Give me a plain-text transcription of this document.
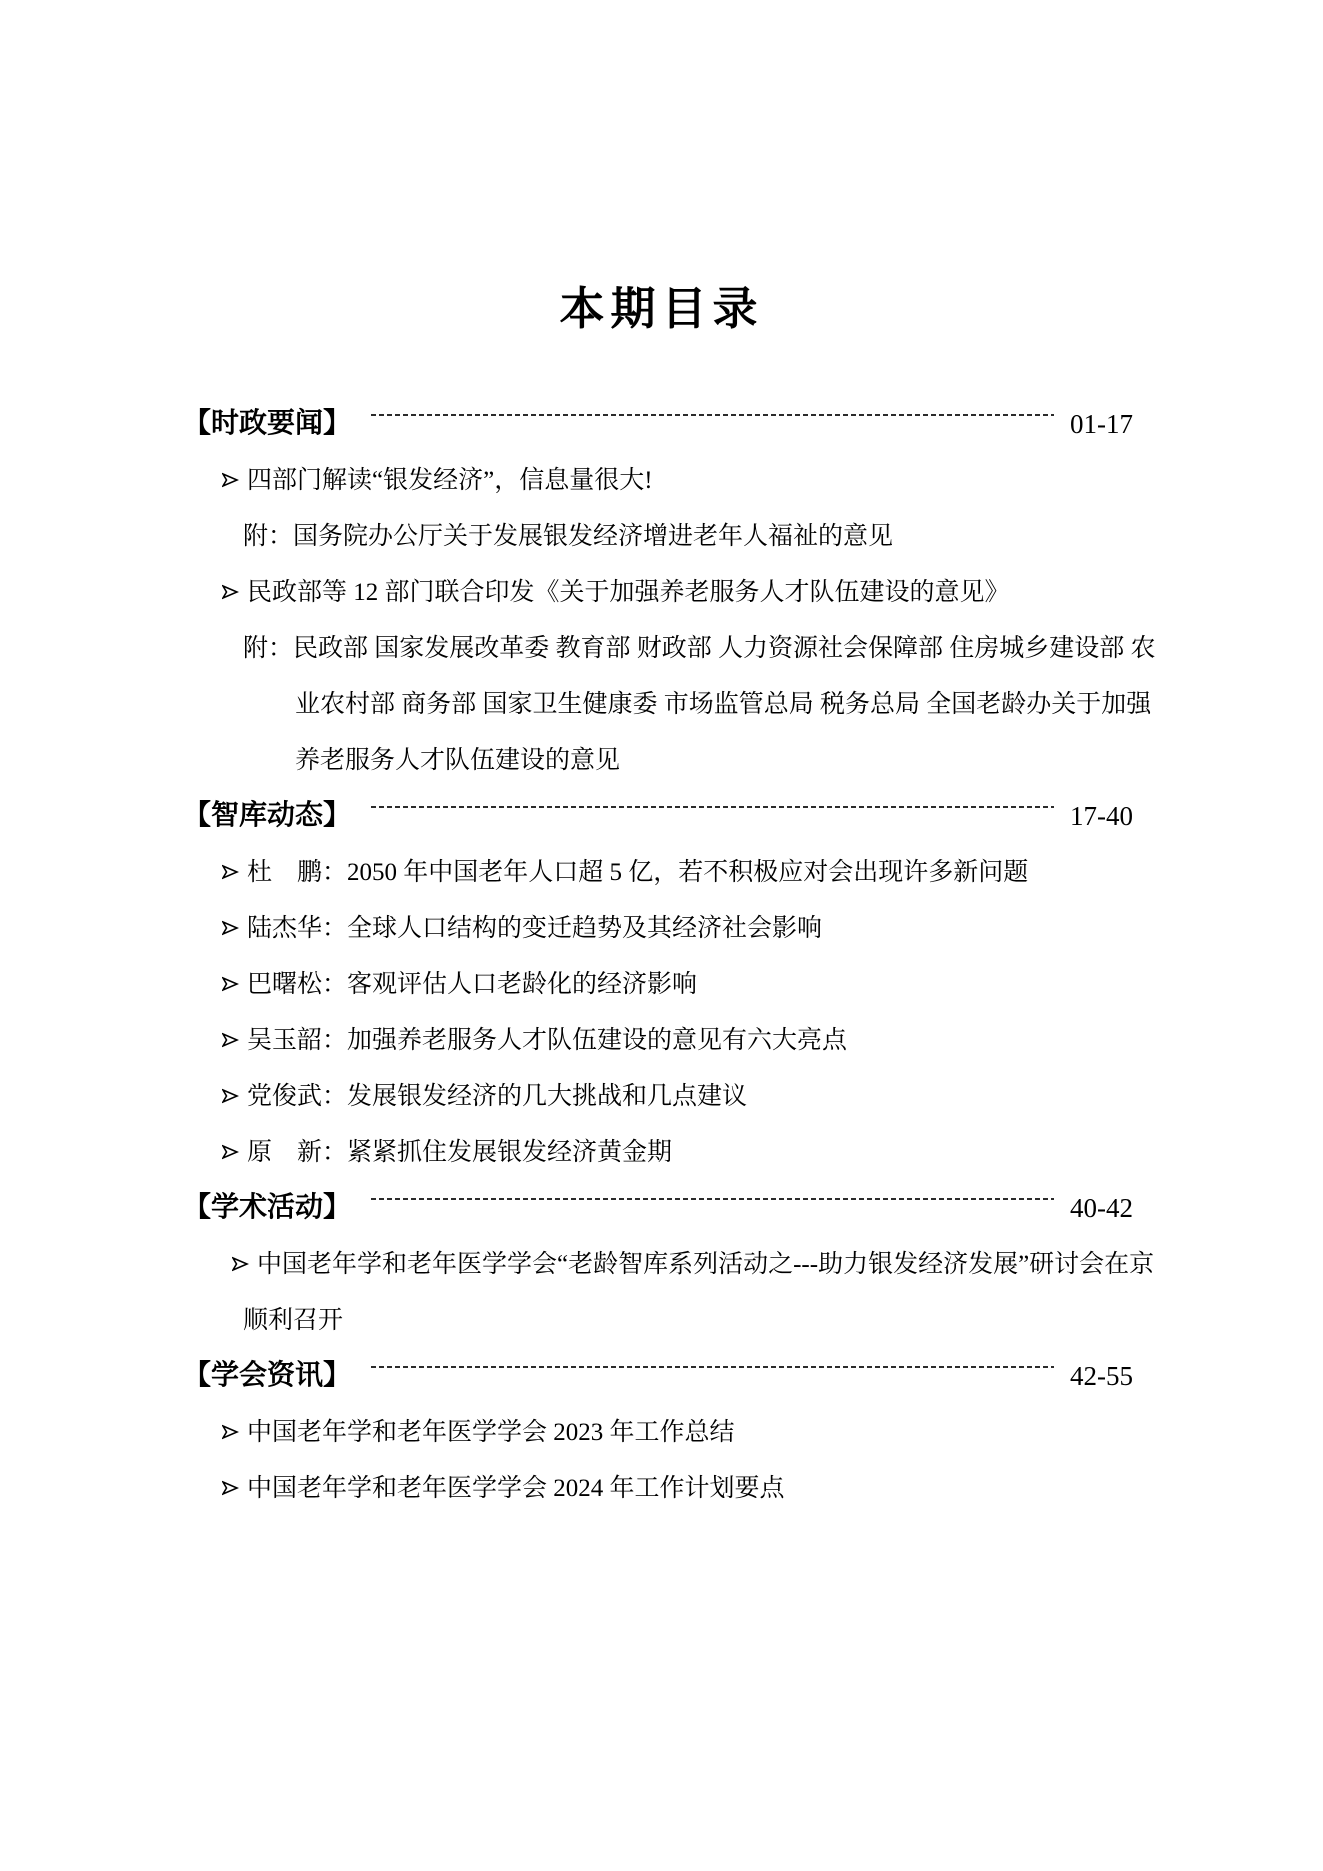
本期目录
【时政要闻】	01-17
四部门解读“银发经济”，信息量很大!
附：国务院办公厅关于发展银发经济增进老年人福祉的意见
民政部等 12 部门联合印发《关于加强养老服务人才队伍建设的意见》
附：民政部 国家发展改革委 教育部 财政部 人力资源社会保障部 住房城乡建设部 农
业农村部 商务部 国家卫生健康委 市场监管总局 税务总局 全国老龄办关于加强
养老服务人才队伍建设的意见
【智库动态】	17-40
杜　鹏：2050 年中国老年人口超 5 亿，若不积极应对会出现许多新问题
陆杰华：全球人口结构的变迁趋势及其经济社会影响
巴曙松：客观评估人口老龄化的经济影响
吴玉韶：加强养老服务人才队伍建设的意见有六大亮点
党俊武：发展银发经济的几大挑战和几点建议
原　新：紧紧抓住发展银发经济黄金期
【学术活动】	40-42
中国老年学和老年医学学会“老龄智库系列活动之---助力银发经济发展”研讨会在京
顺利召开
【学会资讯】	42-55
中国老年学和老年医学学会 2023 年工作总结
中国老年学和老年医学学会 2024 年工作计划要点
